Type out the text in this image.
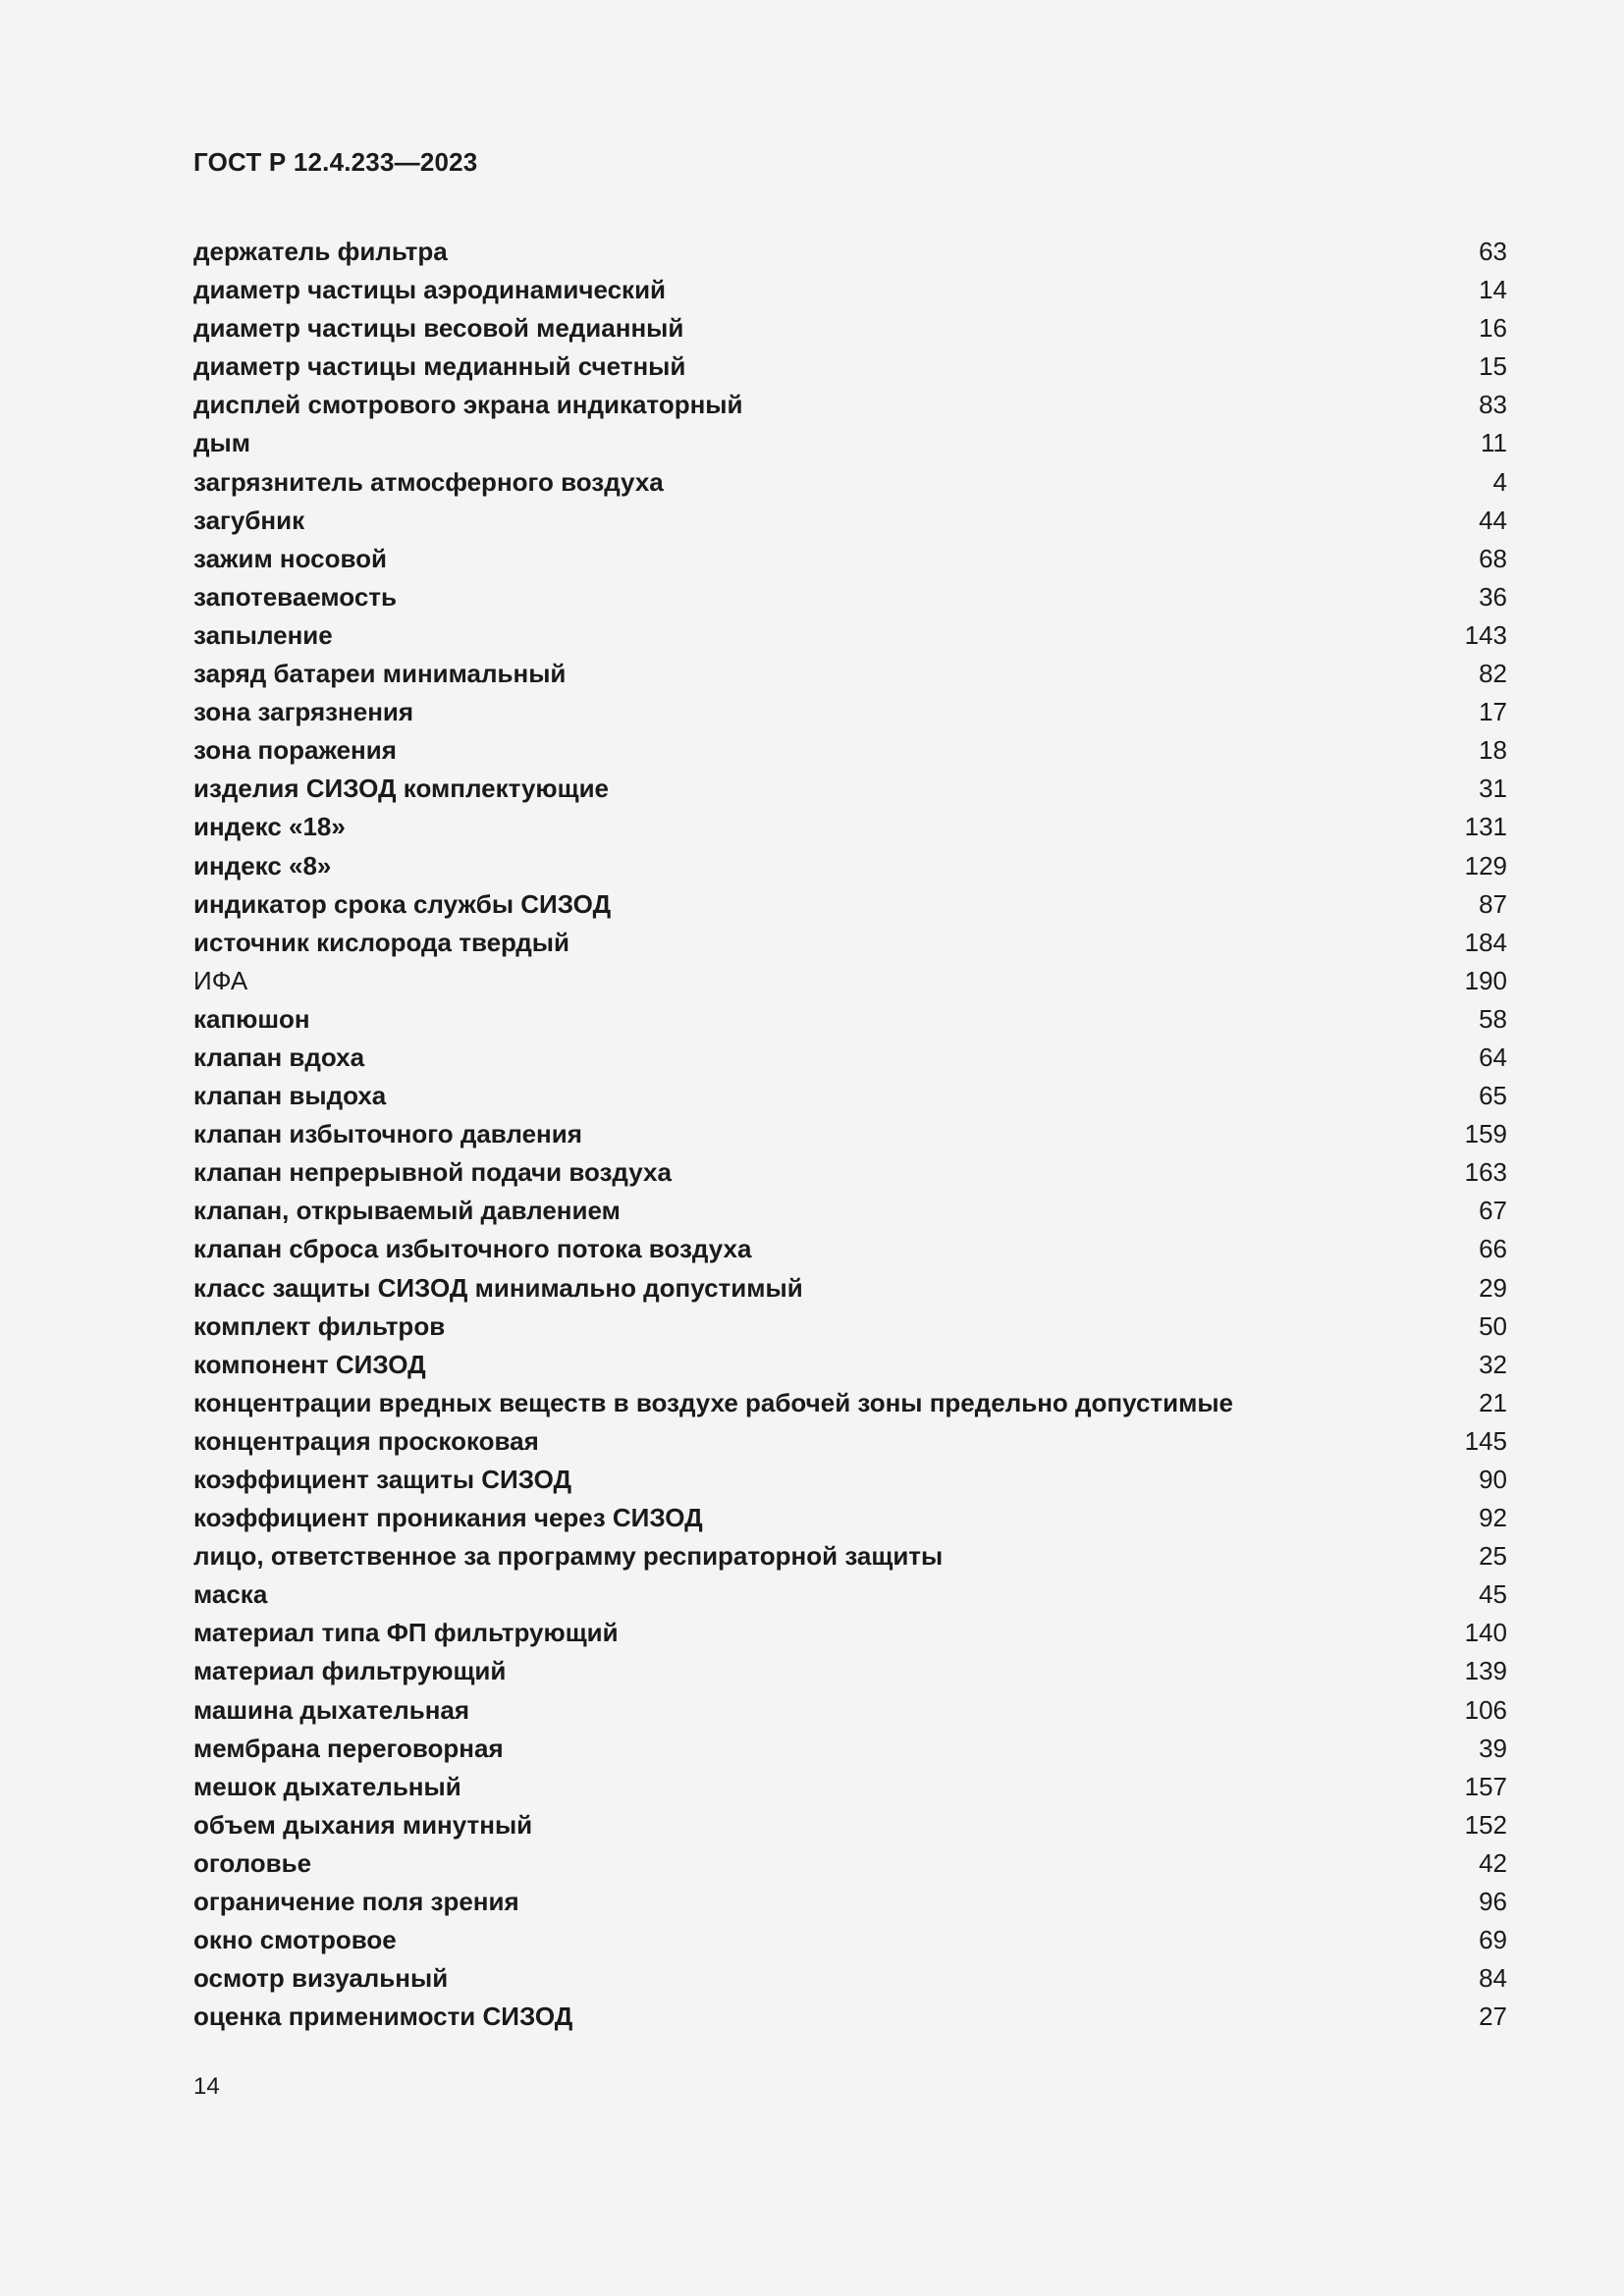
ГОСТ Р 12.4.233—2023
держатель фильтра	63
диаметр частицы аэродинамический	14
диаметр частицы весовой медианный	16
диаметр частицы медианный счетный	15
дисплей смотрового экрана индикаторный	83
дым	11
загрязнитель атмосферного воздуха	4
загубник	44
зажим носовой	68
запотеваемость	36
запыление	143
заряд батареи минимальный	82
зона загрязнения	17
зона поражения	18
изделия СИЗОД комплектующие	31
индекс «18»	131
индекс «8»	129
индикатор срока службы СИЗОД	87
источник кислорода твердый	184
ИФА	190
капюшон	58
клапан вдоха	64
клапан выдоха	65
клапан избыточного давления	159
клапан непрерывной подачи воздуха	163
клапан, открываемый давлением	67
клапан сброса избыточного потока воздуха	66
класс защиты СИЗОД минимально допустимый	29
комплект фильтров	50
компонент СИЗОД	32
концентрации вредных веществ в воздухе рабочей зоны предельно допустимые	21
концентрация проскоковая	145
коэффициент защиты СИЗОД	90
коэффициент проникания через СИЗОД	92
лицо, ответственное за программу респираторной защиты	25
маска	45
материал типа ФП фильтрующий	140
материал фильтрующий	139
машина дыхательная	106
мембрана переговорная	39
мешок дыхательный	157
объем дыхания минутный	152
оголовье	42
ограничение поля зрения	96
окно смотровое	69
осмотр визуальный	84
оценка применимости СИЗОД	27
14
